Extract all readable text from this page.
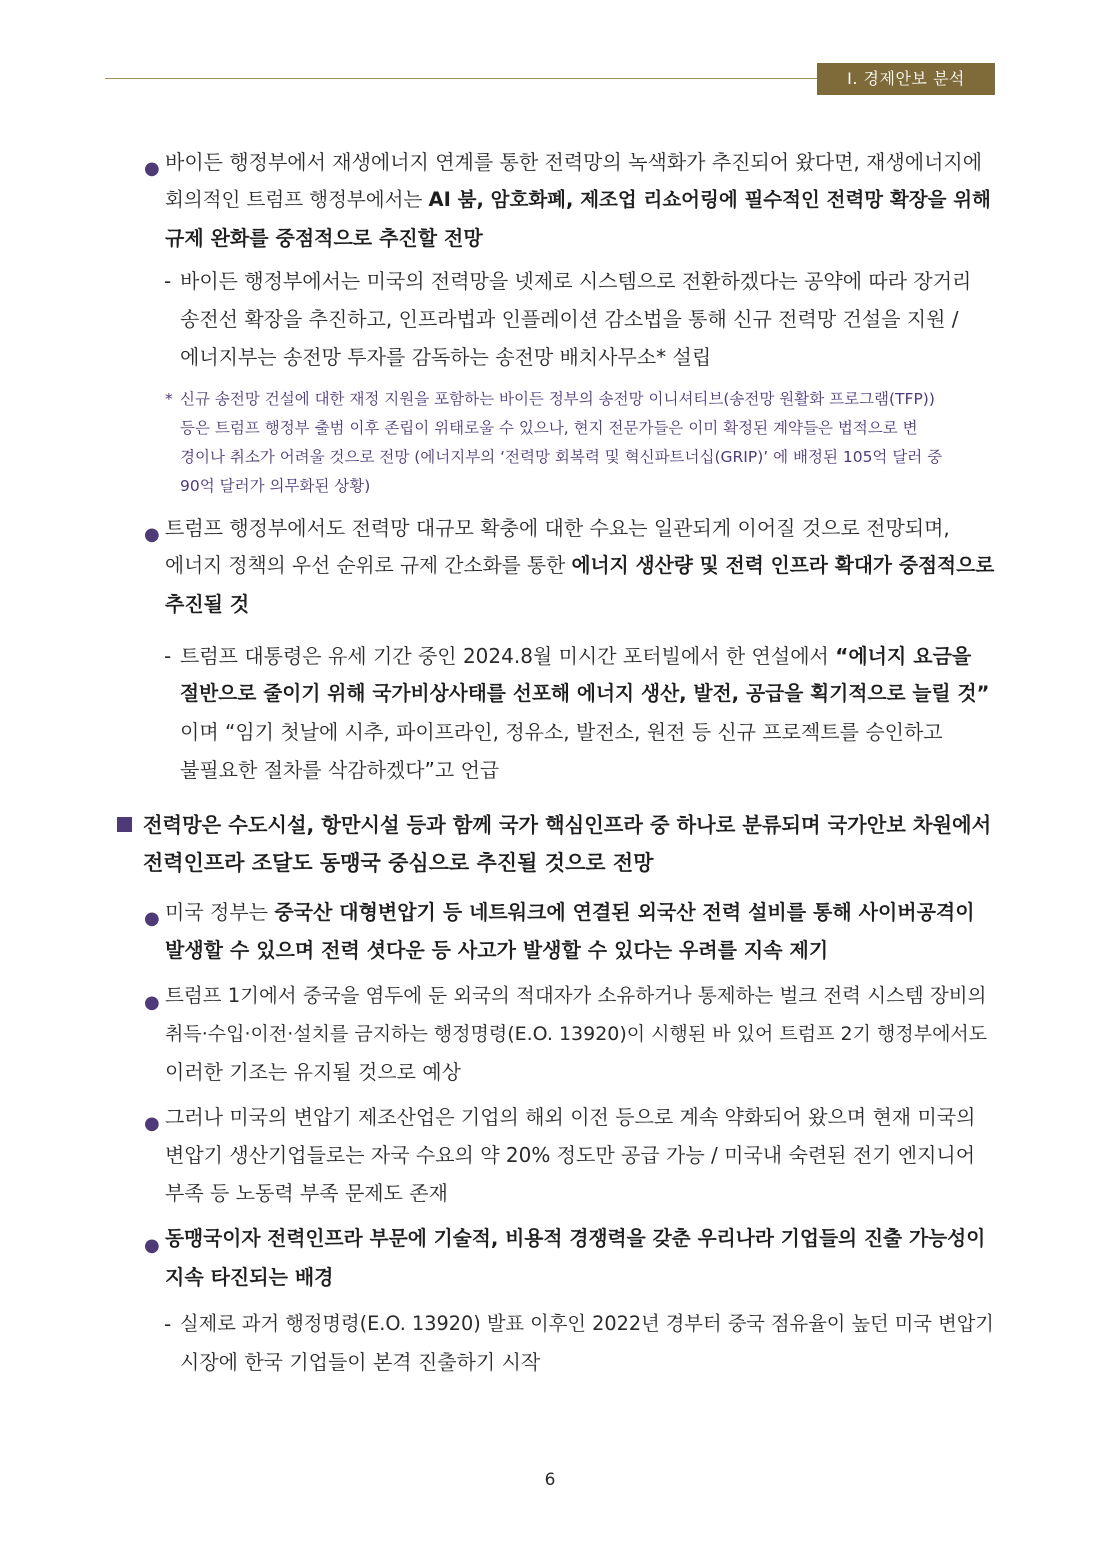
Ⅰ. 경제안보 분석
● 바이든 행정부에서 재생에너지 연계를 통한 전력망의 녹색화가 추진되어 왔다면, 재생에너지에

회의적인 트럼프 행정부에서는 AI 붐, 암호화폐, 제조업 리쇼어링에 필수적인 전력망 확장을 위해

규제 완화를 중점적으로 추진할 전망

- 바이든 행정부에서는 미국의 전력망을 넷제로 시스템으로 전환하겠다는 공약에 따라 장거리

송전선 확장을 추진하고, 인프라법과 인플레이션 감소법을 통해 신규 전력망 건설을 지원 /

에너지부는 송전망 투자를 감독하는 송전망 배치사무소* 설립

* 신규 송전망 건설에 대한 재정 지원을 포함하는 바이든 정부의 송전망 이니셔티브(송전망 원활화 프로그램(TFP))

등은 트럼프 행정부 출범 이후 존립이 위태로울 수 있으나, 현지 전문가들은 이미 확정된 계약들은 법적으로 변

경이나 취소가 어려울 것으로 전망 (에너지부의 ‘전력망 회복력 및 혁신파트너십(GRIP)’ 에 배정된 105억 달러 중

90억 달러가 의무화된 상황)

● 트럼프 행정부에서도 전력망 대규모 확충에 대한 수요는 일관되게 이어질 것으로 전망되며,

에너지 정책의 우선 순위로 규제 간소화를 통한 에너지 생산량 및 전력 인프라 확대가 중점적으로

추진될 것

- 트럼프 대통령은 유세 기간 중인 2024.8월 미시간 포터빌에서 한 연설에서 “에너지 요금을

절반으로 줄이기 위해 국가비상사태를 선포해 에너지 생산, 발전, 공급을 획기적으로 늘릴 것”

이며 “임기 첫날에 시추, 파이프라인, 정유소, 발전소, 원전 등 신규 프로젝트를 승인하고

불필요한 절차를 삭감하겠다”고 언급

전력망은 수도시설, 항만시설 등과 함께 국가 핵심인프라 중 하나로 분류되며 국가안보 차원에서

전력인프라 조달도 동맹국 중심으로 추진될 것으로 전망

● 미국 정부는 중국산 대형변압기 등 네트워크에 연결된 외국산 전력 설비를 통해 사이버공격이

발생할 수 있으며 전력 셧다운 등 사고가 발생할 수 있다는 우려를 지속 제기

● 트럼프 1기에서 중국을 염두에 둔 외국의 적대자가 소유하거나 통제하는 벌크 전력 시스템 장비의

취득·수입·이전·설치를 금지하는 행정명령(E.O. 13920)이 시행된 바 있어 트럼프 2기 행정부에서도

이러한 기조는 유지될 것으로 예상

● 그러나 미국의 변압기 제조산업은 기업의 해외 이전 등으로 계속 약화되어 왔으며 현재 미국의

변압기 생산기업들로는 자국 수요의 약 20% 정도만 공급 가능 / 미국내 숙련된 전기 엔지니어

부족 등 노동력 부족 문제도 존재

● 동맹국이자 전력인프라 부문에 기술적, 비용적 경쟁력을 갖춘 우리나라 기업들의 진출 가능성이

지속 타진되는 배경

- 실제로 과거 행정명령(E.O. 13920) 발표 이후인 2022년 경부터 중국 점유율이 높던 미국 변압기

시장에 한국 기업들이 본격 진출하기 시작

6
